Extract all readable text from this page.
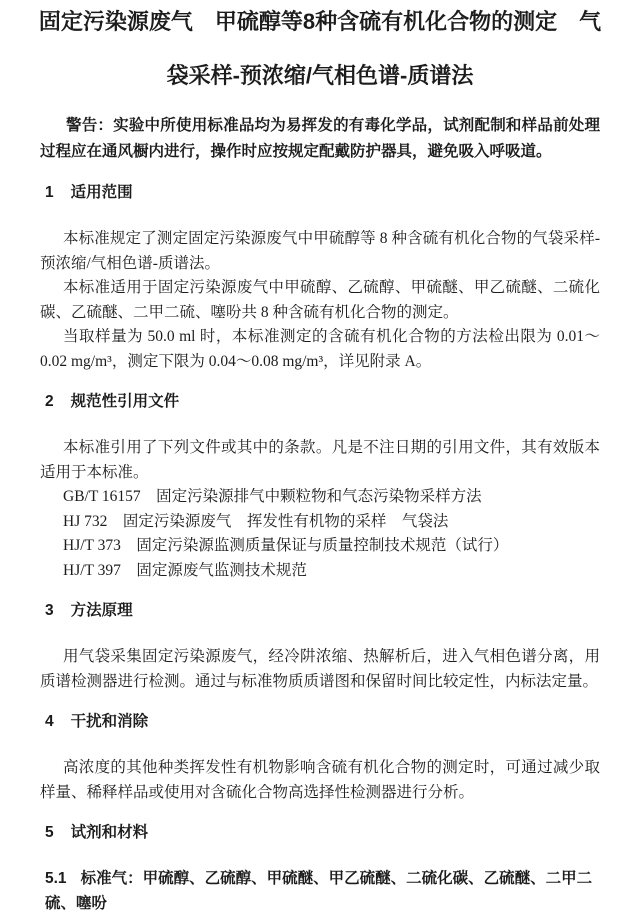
固定污染源废气　甲硫醇等8种含硫有机化合物的测定　气
袋采样-预浓缩/气相色谱-质谱法

警告：实验中所使用标准品均为易挥发的有毒化学品，试剂配制和样品前处理过程应在通风橱内进行，操作时应按规定配戴防护器具，避免吸入呼吸道。

1 适用范围

本标准规定了测定固定污染源废气中甲硫醇等 8 种含硫有机化合物的气袋采样-预浓缩/气相色谱-质谱法。

本标准适用于固定污染源废气中甲硫醇、乙硫醇、甲硫醚、甲乙硫醚、二硫化碳、乙硫醚、二甲二硫、噻吩共 8 种含硫有机化合物的测定。

当取样量为 50.0 ml 时，本标准测定的含硫有机化合物的方法检出限为 0.01～0.02 mg/m³，测定下限为 0.04～0.08 mg/m³，详见附录 A。

2 规范性引用文件

本标准引用了下列文件或其中的条款。凡是不注日期的引用文件，其有效版本适用于本标准。

GB/T 16157　固定污染源排气中颗粒物和气态污染物采样方法

HJ 732　固定污染源废气　挥发性有机物的采样　气袋法

HJ/T 373　固定污染源监测质量保证与质量控制技术规范（试行）

HJ/T 397　固定源废气监测技术规范

3 方法原理

用气袋采集固定污染源废气，经冷阱浓缩、热解析后，进入气相色谱分离，用质谱检测器进行检测。通过与标准物质质谱图和保留时间比较定性，内标法定量。

4 干扰和消除

高浓度的其他种类挥发性有机物影响含硫有机化合物的测定时，可通过减少取样量、稀释样品或使用对含硫化合物高选择性检测器进行分析。

5 试剂和材料

5.1 标准气：甲硫醇、乙硫醇、甲硫醚、甲乙硫醚、二硫化碳、乙硫醚、二甲二硫、噻吩
